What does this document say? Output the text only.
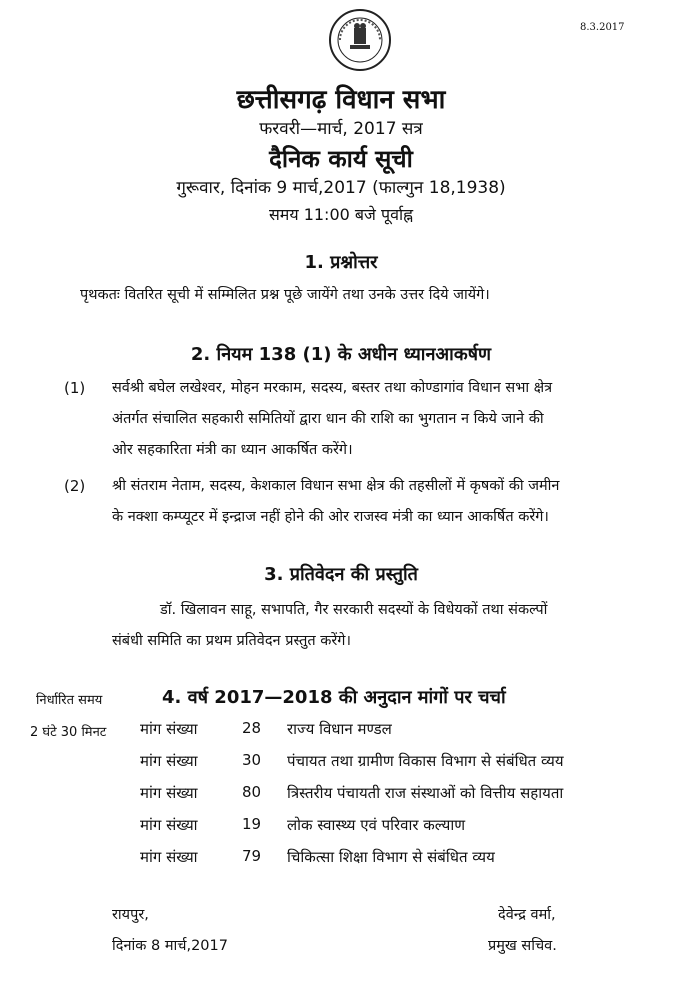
8.3.2017
छत्तीसगढ़ विधान सभा
फरवरी—मार्च, 2017 सत्र
दैनिक कार्य सूची
गुरूवार, दिनांक 9 मार्च,2017 (फाल्गुन 18,1938)
समय 11:00 बजे पूर्वाह्न
1. प्रश्नोत्तर
पृथकतः वितरित सूची में सम्मिलित प्रश्न पूछे जायेंगे तथा उनके उत्तर दिये जायेंगे।
2. नियम 138 (1) के अधीन ध्यानआकर्षण
(1) सर्वश्री बघेल लखेश्वर, मोहन मरकाम, सदस्य, बस्तर तथा कोण्डागांव विधान सभा क्षेत्र
अंतर्गत संचालित सहकारी समितियों द्वारा धान की राशि का भुगतान न किये जाने की
ओर सहकारिता मंत्री का ध्यान आकर्षित करेंगे।
(2) श्री संतराम नेताम, सदस्य, केशकाल विधान सभा क्षेत्र की तहसीलों में कृषकों की जमीन
के नक्शा कम्प्यूटर में इन्द्राज नहीं होने की ओर राजस्व मंत्री का ध्यान आकर्षित करेंगे।
3. प्रतिवेदन की प्रस्तुति
डॉ. खिलावन साहू, सभापति, गैर सरकारी सदस्यों के विधेयकों तथा संकल्पों
संबंधी समिति का प्रथम प्रतिवेदन प्रस्तुत करेंगे।
निर्धारित समय	4. वर्ष 2017—2018 की अनुदान मांगों पर चर्चा
2 घंटे 30 मिनट मांग संख्या	28 राज्य विधान मण्डल
मांग संख्या	30 पंचायत तथा ग्रामीण विकास विभाग से संबंधित व्यय
मांग संख्या	80 त्रिस्तरीय पंचायती राज संस्थाओं को वित्तीय सहायता
मांग संख्या	19 लोक स्वास्थ्य एवं परिवार कल्याण
मांग संख्या	79 चिकित्सा शिक्षा विभाग से संबंधित व्यय
रायपुर,
दिनांक 8 मार्च,2017
देवेन्द्र वर्मा,
प्रमुख सचिव.
